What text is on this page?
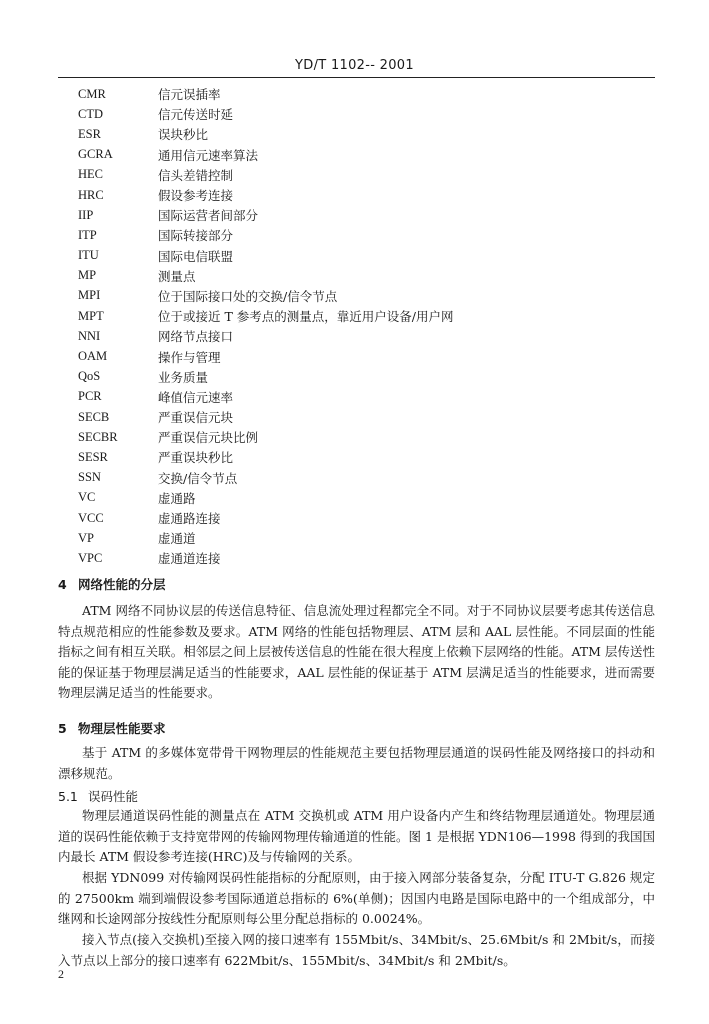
YD/T 1102-- 2001
CMR	信元误插率
CTD	信元传送时延
ESR	误块秒比
GCRA	通用信元速率算法
HEC	信头差错控制
HRC	假设参考连接
IIP	国际运营者间部分
ITP	国际转接部分
ITU	国际电信联盟
MP	测量点
MPI	位于国际接口处的交换/信令节点
MPT	位于或接近 T 参考点的测量点，靠近用户设备/用户网
NNI	网络节点接口
OAM	操作与管理
QoS	业务质量
PCR	峰值信元速率
SECB	严重误信元块
SECBR	严重误信元块比例
SESR	严重误块秒比
SSN	交换/信令节点
VC	虚通路
VCC	虚通路连接
VP	虚通道
VPC	虚通道连接
4 网络性能的分层

ATM 网络不同协议层的传送信息特征、信息流处理过程都完全不同。对于不同协议层要考虑其传送信息特点规范相应的性能参数及要求。ATM 网络的性能包括物理层、ATM 层和 AAL 层性能。不同层面的性能指标之间有相互关联。相邻层之间上层被传送信息的性能在很大程度上依赖下层网络的性能。ATM 层传送性能的保证基于物理层满足适当的性能要求，AAL 层性能的保证基于 ATM 层满足适当的性能要求，进而需要物理层满足适当的性能要求。

5 物理层性能要求

基于 ATM 的多媒体宽带骨干网物理层的性能规范主要包括物理层通道的误码性能及网络接口的抖动和漂移规范。

5.1 误码性能

物理层通道误码性能的测量点在 ATM 交换机或 ATM 用户设备内产生和终结物理层通道处。物理层通道的误码性能依赖于支持宽带网的传输网物理传输通道的性能。图 1 是根据 YDN106—1998 得到的我国国内最长 ATM 假设参考连接(HRC)及与传输网的关系。

根据 YDN099 对传输网误码性能指标的分配原则，由于接入网部分装备复杂，分配 ITU-T G.826 规定的 27500km 端到端假设参考国际通道总指标的 6%(单侧)；因国内电路是国际电路中的一个组成部分，中继网和长途网部分按线性分配原则每公里分配总指标的 0.0024%。

接入节点(接入交换机)至接入网的接口速率有 155Mbit/s、34Mbit/s、25.6Mbit/s 和 2Mbit/s，而接入节点以上部分的接口速率有 622Mbit/s、155Mbit/s、34Mbit/s 和 2Mbit/s。

2
